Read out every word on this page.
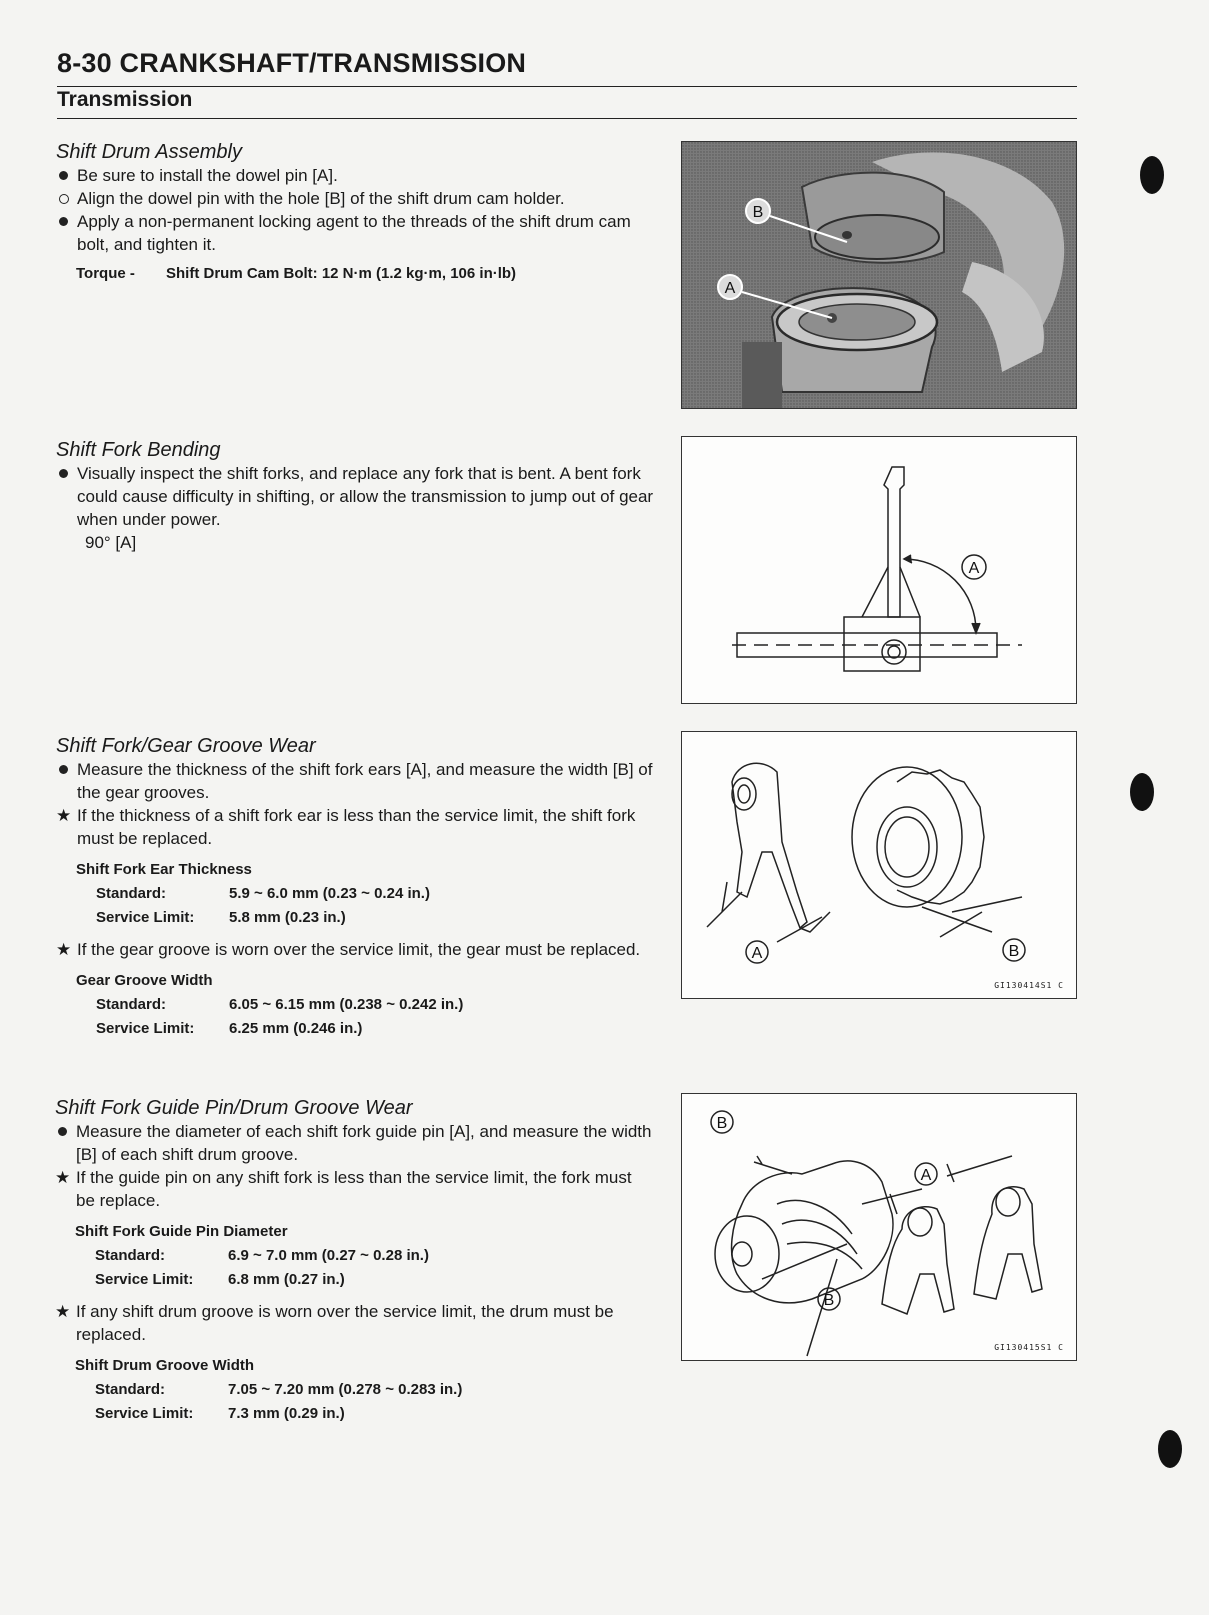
8-30 CRANKSHAFT/TRANSMISSION
Transmission
Shift Drum Assembly
Be sure to install the dowel pin [A].
Align the dowel pin with the hole [B] of the shift drum cam holder.
Apply a non-permanent locking agent to the threads of the shift drum cam bolt, and tighten it.
Torque - Shift Drum Cam Bolt: 12 N·m (1.2 kg·m, 106 in·lb)
B
A
Shift Fork Bending
Visually inspect the shift forks, and replace any fork that is bent. A bent fork could cause difficulty in shifting, or allow the transmission to jump out of gear when under power.
90° [A]
A
Shift Fork/Gear Groove Wear
Measure the thickness of the shift fork ears [A], and measure the width [B] of the gear grooves.
★ If the thickness of a shift fork ear is less than the service limit, the shift fork must be replaced.
Shift Fork Ear Thickness
Standard:	5.9 ~ 6.0 mm (0.23 ~ 0.24 in.)
Service Limit: 5.8 mm (0.23 in.)
★ If the gear groove is worn over the service limit, the gear must be replaced.
Gear Groove Width
Standard:	6.05 ~ 6.15 mm (0.238 ~ 0.242 in.)
Service Limit: 6.25 mm (0.246 in.)
A	B
GI130414S1 C
Shift Fork Guide Pin/Drum Groove Wear
Measure the diameter of each shift fork guide pin [A], and measure the width [B] of each shift drum groove.
★ If the guide pin on any shift fork is less than the service limit, the fork must be replace.
Shift Fork Guide Pin Diameter
Standard:	6.9 ~ 7.0 mm (0.27 ~ 0.28 in.)
Service Limit: 6.8 mm (0.27 in.)
★ If any shift drum groove is worn over the service limit, the drum must be replaced.
Shift Drum Groove Width
Standard:	7.05 ~ 7.20 mm (0.278 ~ 0.283 in.)
Service Limit: 7.3 mm (0.29 in.)
B
A
B
GI130415S1 C
